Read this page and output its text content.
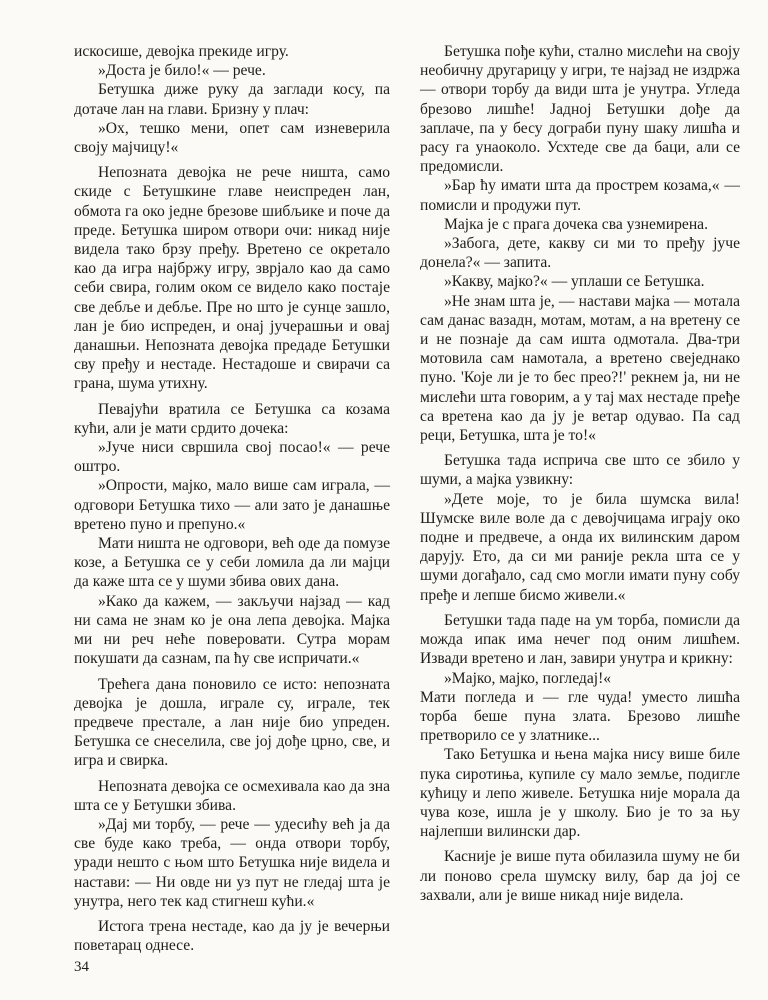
искосише, девојка прекиде игру.

»Доста је било!« — рече.

Бетушка диже руку да заглади косу, па дотаче лан на глави. Бризну у плач:

»Ох, тешко мени, опет сам изневерила своју мајчицу!«

Непозната девојка не рече ништа, само скиде с Бетушкине главе неиспреден лан, обмота га око једне брезове шибљике и поче да преде. Бетушка широм отвори очи: никад није видела тако брзу пређу. Вретено се окретало као да игра најбржу игру, зврјало као да само себи свира, голим оком се видело како постаје све дебље и дебље. Пре но што је сунце зашло, лан је био испреден, и онај јучерашњи и овај данашњи. Непозната девојка предаде Бетушки сву пређу и нестаде. Нестадоше и свирачи са грана, шума утихну.

Певајући вратила се Бетушка са козама кући, али је мати срдито дочека:

»Јуче ниси свршила свој посао!« — рече оштро.

»Опрости, мајко, мало више сам играла, — одговори Бетушка тихо — али зато је данашње вретено пуно и препуно.«

Мати ништа не одговори, већ оде да помузе козе, а Бетушка се у себи ломила да ли мајци да каже шта се у шуми збива ових дана.

»Како да кажем, — закључи најзад — кад ни сама не знам ко је она лепа девојка. Мајка ми ни реч неће поверовати. Сутра морам покушати да сазнам, па ћу све испричати.«

Трећега дана поновило се исто: непозната девојка је дошла, играле су, играле, тек предвече престале, а лан није био упреден. Бетушка се снеселила, све јој дође црно, све, и игра и свирка.

Непозната девојка се осмехивала као да зна шта се у Бетушки збива.

»Дај ми торбу, — рече — удесићу већ ја да све буде како треба, — онда отвори торбу, уради нешто с њом што Бетушка није видела и настави: — Ни овде ни уз пут не гледај шта је унутра, него тек кад стигнеш кући.«

Истога трена нестаде, као да ју је вечерњи поветарац однесе.

Бетушка пође кући, стално мислећи на своју необичну другарицу у игри, те најзад не издржа — отвори торбу да види шта је унутра. Угледа брезово лишће! Јадној Бетушки дође да заплаче, па у бесу дограби пуну шаку лишћа и расу га унаоколо. Усхтеде све да баци, али се предомисли.

»Бар ћу имати шта да прострем козама,« — помисли и продужи пут.

Мајка је с прага дочека сва узнемирена.

»Забога, дете, какву си ми то пређу јуче донела?« — запита.

»Какву, мајко?« — уплаши се Бетушка.

»Не знам шта је, — настави мајка — мотала сам данас вазадн, мотам, мотам, а на вретену се и не познаје да сам ишта одмотала. Два-три мотовила сам намотала, а вретено свеједнако пуно. 'Које ли је то бес преo?!' рекнем ја, ни не мислећи шта говорим, а у тај мах нестаде пређе са вретена као да ју је ветар одувао. Па сад реци, Бетушка, шта је то!«

Бетушка тада исприча све што се збило у шуми, а мајка узвикну:

»Дете моје, то је била шумска вила! Шумске виле воле да с девојчицама играју око подне и предвече, а онда их вилинским даром дарују. Ето, да си ми раније рекла шта се у шуми догађало, сад смо могли имати пуну собу пређе и лепше бисмо живели.«

Бетушки тада паде на ум торба, помисли да можда ипак има нечег под оним лишћем. Извади вретено и лан, завири унутра и крикну:

»Мајко, мајко, погледај!«

Мати погледа и — гле чуда! уместо лишћа торба беше пуна злата. Брезово лишће претворило се у златнике...

Тако Бетушка и њена мајка нису више биле пука сиротиња, купиле су мало земље, подигле кућицу и лепо живеле. Бетушка није морала да чува козе, ишла је у школу. Био је то за њу најлепши вилински дар.

Касније је више пута обилазила шуму не би ли поново срела шумску вилу, бар да јој се захвали, али је више никад није видела.

34
